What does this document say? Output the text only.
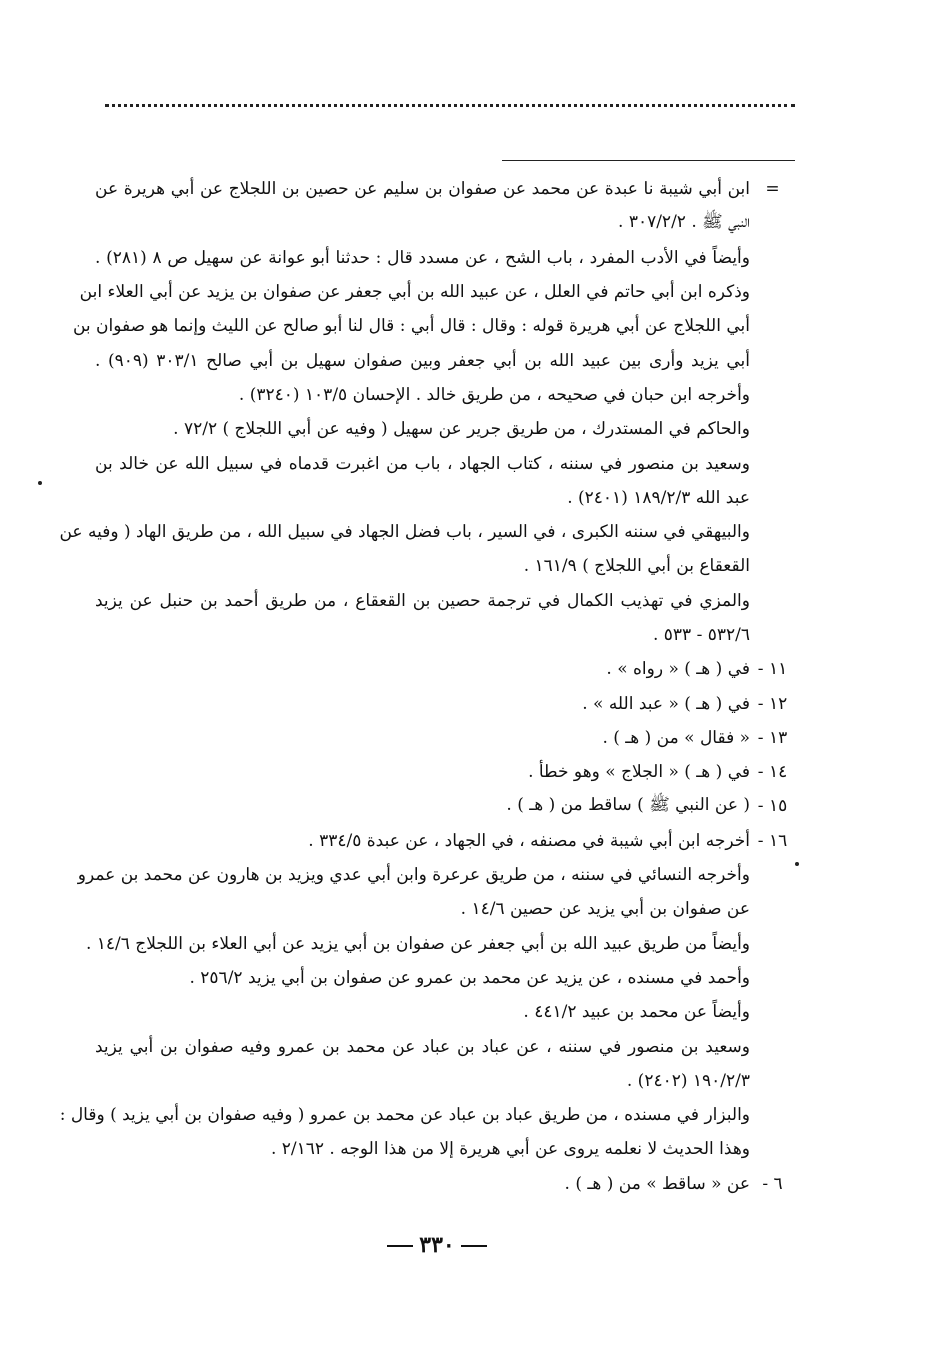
=
ابن أبي شيبة نا عبدة عن محمد عن صفوان بن سليم عن حصين بن اللجلاج عن أبي هريرة عن
النبي ﷺ . ٣٠٧/٢/٢ .
وأيضاً في الأدب المفرد ، باب الشح ، عن مسدد قال : حدثنا أبو عوانة عن سهيل ص ٨ (٢٨١) .
وذكره ابن أبي حاتم في العلل ، عن عبيد الله بن أبي جعفر عن صفوان بن يزيد عن أبي العلاء ابن
أبي اللجلاج عن أبي هريرة قوله : وقال : قال أبي : قال لنا أبو صالح عن الليث وإنما هو صفوان بن
أبي يزيد وأرى بين عبيد الله بن أبي جعفر وبين صفوان سهيل بن أبي صالح ٣٠٣/١ (٩٠٩) .
وأخرجه ابن حبان في صحيحه ، من طريق خالد . الإحسان ١٠٣/٥ (٣٢٤٠) .
والحاكم في المستدرك ، من طريق جرير عن سهيل ( وفيه عن أبي اللجلاج ) ٧٢/٢ .
وسعيد بن منصور في سننه ، كتاب الجهاد ، باب من اغبرت قدماه في سبيل الله عن خالد بن
عبد الله ١٨٩/٢/٣ (٢٤٠١) .
والبيهقي في سننه الكبرى ، في السير ، باب فضل الجهاد في سبيل الله ، من طريق الهاد ( وفيه عن
القعقاع بن أبي اللجلاج ) ١٦١/٩ .
والمزي في تهذيب الكمال في ترجمة حصين بن القعقاع ، من طريق أحمد بن حنبل عن يزيد
٥٣٢/٦ - ٥٣٣ .
١١ -
في ( هـ ) « رواه » .
١٢ -
في ( هـ ) « عبد الله » .
١٣ -
« فقال » من ( هـ ) .
١٤ -
في ( هـ ) « الجلاج » وهو خطأ .
١٥ -
( عن النبي ﷺ ) ساقط من ( هـ ) .
١٦ -
أخرجه ابن أبي شيبة في مصنفه ، في الجهاد ، عن عبدة ٣٣٤/٥ .
وأخرجه النسائي في سننه ، من طريق عرعرة وابن أبي عدي ويزيد بن هارون عن محمد بن عمرو
عن صفوان بن أبي يزيد عن حصين ١٤/٦ .
وأيضاً من طريق عبيد الله بن أبي جعفر عن صفوان بن أبي يزيد عن أبي العلاء بن اللجلاج ١٤/٦ .
وأحمد في مسنده ، عن يزيد عن محمد بن عمرو عن صفوان بن أبي يزيد ٢٥٦/٢ .
وأيضاً عن محمد بن عبيد ٤٤١/٢ .
وسعيد بن منصور في سننه ، عن عباد بن عباد عن محمد بن عمرو وفيه صفوان بن أبي يزيد
١٩٠/٢/٣ (٢٤٠٢) .
والبزار في مسنده ، من طريق عباد بن عباد عن محمد بن عمرو ( وفيه صفوان بن أبي يزيد ) وقال :
وهذا الحديث لا نعلمه يروى عن أبي هريرة إلا من هذا الوجه . ٢/١٦٢ .
٦ -
عن « ساقط » من ( هـ ) .
٣٣٠
